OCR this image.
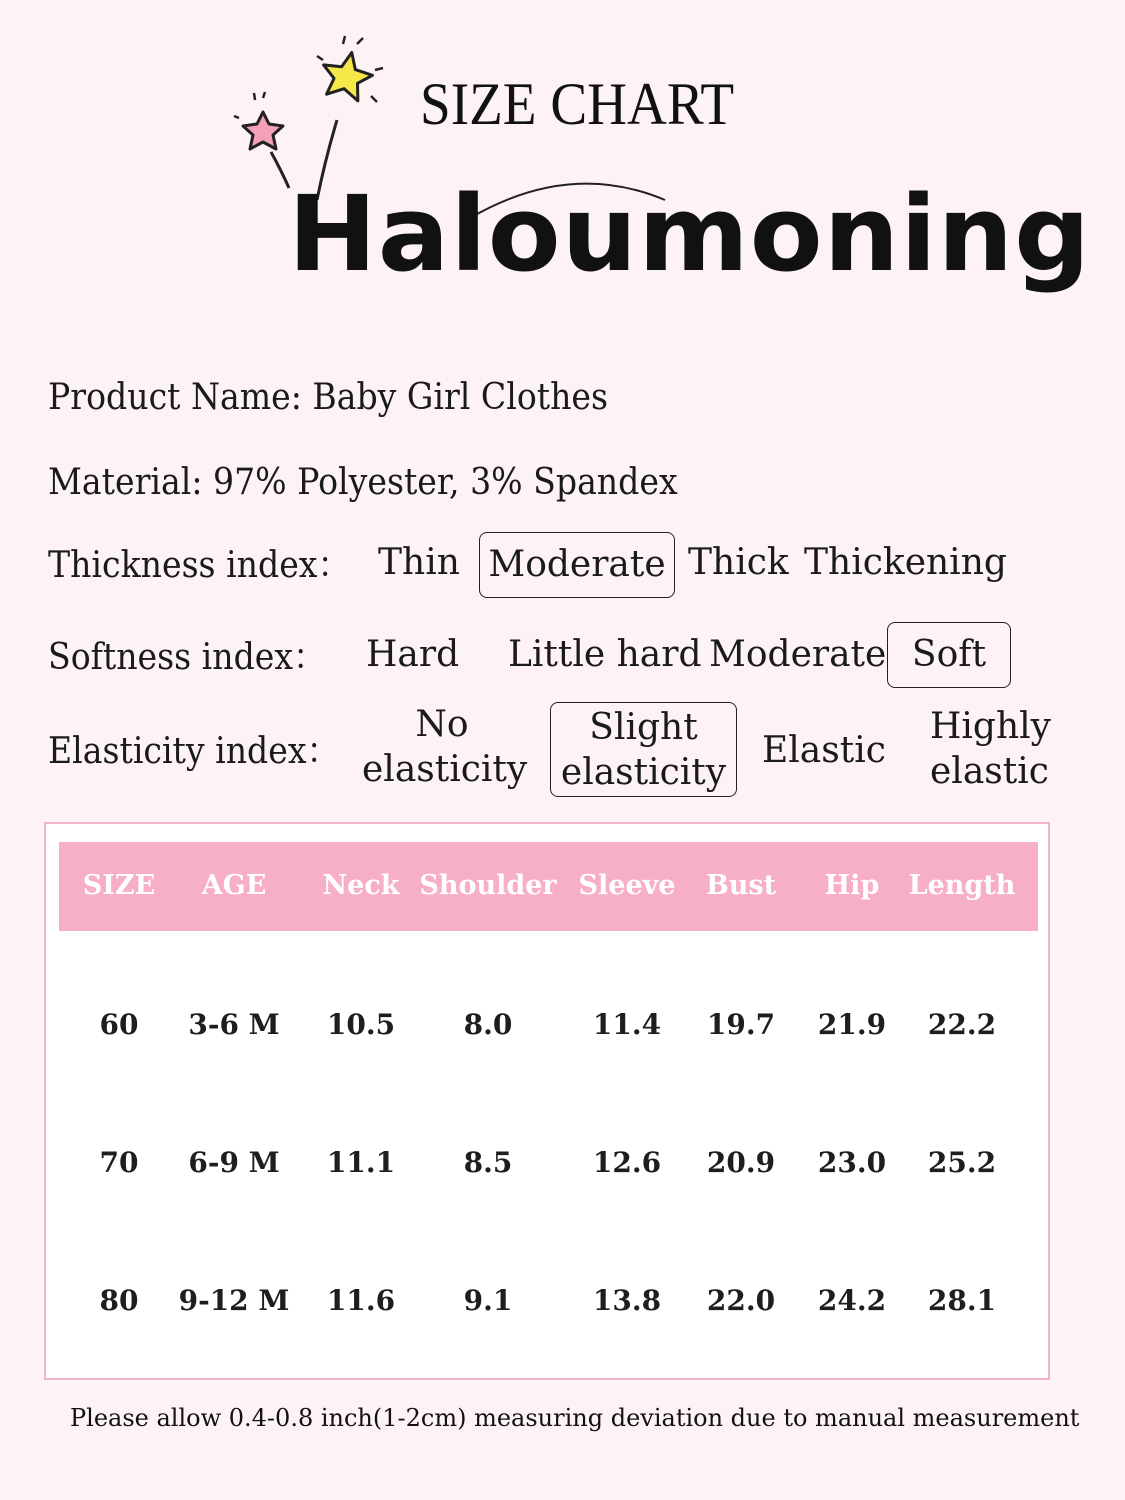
SIZE CHART
Haloumoning
Product Name: Baby Girl Clothes
Material: 97% Polyester, 3% Spandex
Thickness index： Thin Moderate Thick Thickening
Softness index： Hard Little hard Moderate Soft
Elasticity index：
No
elasticity
Slight
elasticity
Elastic
Highly
elastic
SIZE AGE Neck Shoulder Sleeve Bust Hip Length
60 3-6 M 10.5 8.0	11.4 19.7 21.9 22.2
70 6-9 M 11.1 8.5	12.6 20.9 23.0 25.2
80 9-12 M 11.6 9.1	13.8 22.0 24.2 28.1
Please allow 0.4-0.8 inch(1-2cm) measuring deviation due to manual measurement
